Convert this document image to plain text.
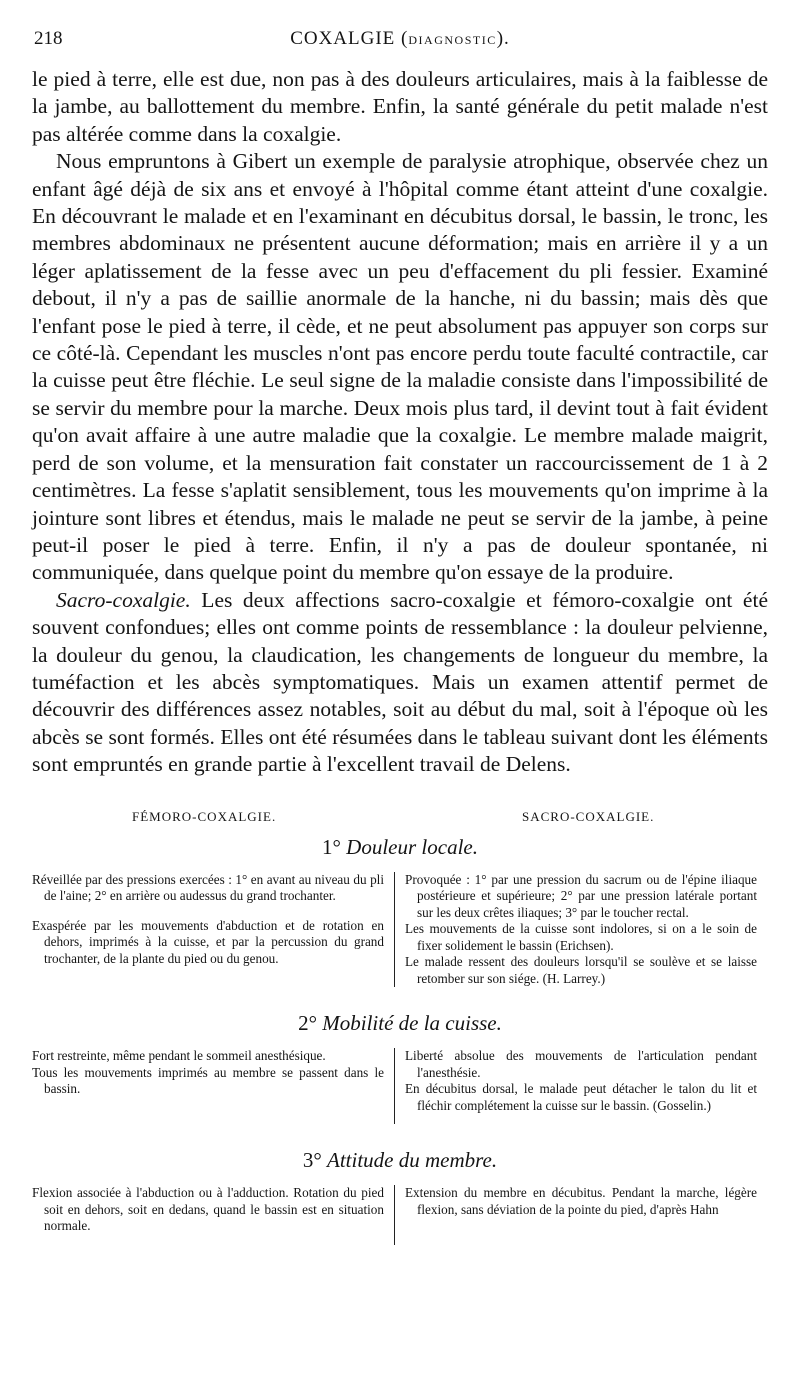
218	COXALGIE (DIAGNOSTIC).

le pied à terre, elle est due, non pas à des douleurs articulaires, mais à la faiblesse de la jambe, au ballottement du membre. Enfin, la santé générale du petit malade n'est pas altérée comme dans la coxalgie.

Nous empruntons à Gibert un exemple de paralysie atrophique, observée chez un enfant âgé déjà de six ans et envoyé à l'hôpital comme étant atteint d'une coxalgie. En découvrant le malade et en l'examinant en décubitus dorsal, le bassin, le tronc, les membres abdominaux ne présentent aucune déformation; mais en arrière il y a un léger aplatissement de la fesse avec un peu d'effacement du pli fessier. Examiné debout, il n'y a pas de saillie anormale de la hanche, ni du bassin; mais dès que l'enfant pose le pied à terre, il cède, et ne peut absolument pas appuyer son corps sur ce côté-là. Cependant les muscles n'ont pas encore perdu toute faculté contractile, car la cuisse peut être fléchie. Le seul signe de la maladie consiste dans l'impossibilité de se servir du membre pour la marche. Deux mois plus tard, il devint tout à fait évident qu'on avait affaire à une autre maladie que la coxalgie. Le membre malade maigrit, perd de son volume, et la mensuration fait constater un raccourcissement de 1 à 2 centimètres. La fesse s'aplatit sensiblement, tous les mouvements qu'on imprime à la jointure sont libres et étendus, mais le malade ne peut se servir de la jambe, à peine peut-il poser le pied à terre. Enfin, il n'y a pas de douleur spontanée, ni communiquée, dans quelque point du membre qu'on essaye de la produire.

Sacro-coxalgie. Les deux affections sacro-coxalgie et fémoro-coxalgie ont été souvent confondues; elles ont comme points de ressemblance : la douleur pelvienne, la douleur du genou, la claudication, les changements de longueur du membre, la tuméfaction et les abcès symptomatiques. Mais un examen attentif permet de découvrir des différences assez notables, soit au début du mal, soit à l'époque où les abcès se sont formés. Elles ont été résumées dans le tableau suivant dont les éléments sont empruntés en grande partie à l'excellent travail de Delens.

FÉMORO-COXALGIE.	SACRO-COXALGIE.
1° Douleur locale.

Réveillée par des pressions exercées : 1° en avant au niveau du pli de l'aine; 2° en arrière ou audessus du grand trochanter.

Exaspérée par les mouvements d'abduction et de rotation en dehors, imprimés à la cuisse, et par la percussion du grand trochanter, de la plante du pied ou du genou.

Provoquée : 1° par une pression du sacrum ou de l'épine iliaque postérieure et supérieure; 2° par une pression latérale portant sur les deux crêtes iliaques; 3° par le toucher rectal.

Les mouvements de la cuisse sont indolores, si on a le soin de fixer solidement le bassin (Erichsen).

Le malade ressent des douleurs lorsqu'il se soulève et se laisse retomber sur son siége. (H. Larrey.)

2° Mobilité de la cuisse.

Fort restreinte, même pendant le sommeil anesthésique.

Tous les mouvements imprimés au membre se passent dans le bassin.

Liberté absolue des mouvements de l'articulation pendant l'anesthésie.

En décubitus dorsal, le malade peut détacher le talon du lit et fléchir complétement la cuisse sur le bassin. (Gosselin.)

3° Attitude du membre.

Flexion associée à l'abduction ou à l'adduction. Rotation du pied soit en dehors, soit en dedans, quand le bassin est en situation normale.

Extension du membre en décubitus. Pendant la marche, légère flexion, sans déviation de la pointe du pied, d'après Hahn
